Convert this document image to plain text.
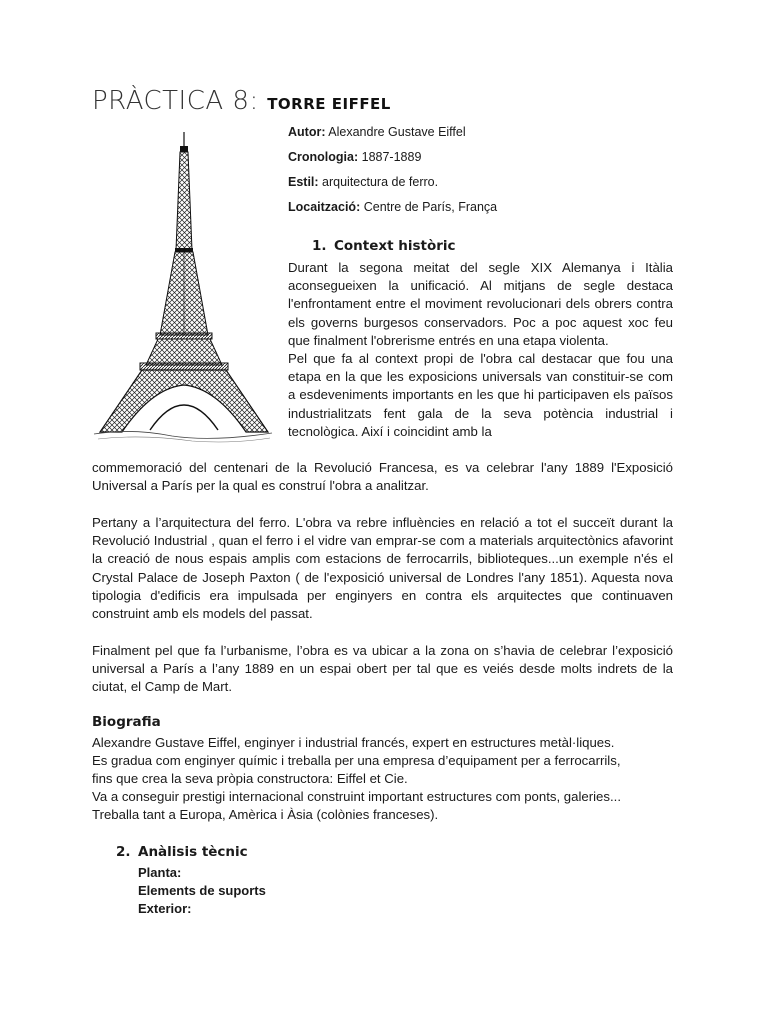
PRÀCTICA 8: TORRE EIFFEL
Autor: Alexandre Gustave Eiffel
Cronologia: 1887-1889
Estil: arquitectura de ferro.
Locaització: Centre de París, França
1. Context històric

Durant la segona meitat del segle XIX Alemanya i Itàlia aconsegueixen la unificació. Al mitjans de segle destaca l'enfrontament entre el moviment revolucionari dels obrers contra els governs burgesos conservadors. Poc a poc aquest xoc feu que finalment l'obrerisme entrés en una etapa violenta.

Pel que fa al context propi de l'obra cal destacar que fou una etapa en la que les exposicions universals van constituir-se com a esdeveniments importants en les que hi participaven els països industrialitzats fent gala de la seva potència industrial i tecnològica. Així i coincidint amb la

commemoració del centenari de la Revolució Francesa, es va celebrar l'any 1889 l'Exposició Universal a París per la qual es construí l'obra a analitzar.

Pertany a l’arquitectura del ferro. L'obra va rebre influències en relació a tot el succeït durant la Revolució Industrial , quan el ferro i el vidre van emprar-se com a materials arquitectònics afavorint la creació de nous espais amplis com estacions de ferrocarrils, biblioteques...un exemple n'és el Crystal Palace de Joseph Paxton ( de l'exposició universal de Londres l'any 1851). Aquesta nova tipologia d'edificis era impulsada per enginyers en contra els arquitectes que continuaven construint amb els models del passat.

Finalment pel que fa l’urbanisme, l’obra es va ubicar a la zona on s’havia de celebrar l’exposició universal a París a l’any 1889 en un espai obert per tal que es veiés desde molts indrets de la ciutat, el Camp de Mart.

Biografia
Alexandre Gustave Eiffel, enginyer i industrial francés, expert en estructures metàl·liques.
Es gradua com enginyer químic i treballa per una empresa d’equipament per a ferrocarrils,
fins que crea la seva pròpia constructora: Eiffel et Cie.
Va a conseguir prestigi internacional construint important estructures com ponts, galeries...
Treballa tant a Europa, Amèrica i Àsia (colònies franceses).
2. Anàlisis tècnic
Planta:
Elements de suports
Exterior:
